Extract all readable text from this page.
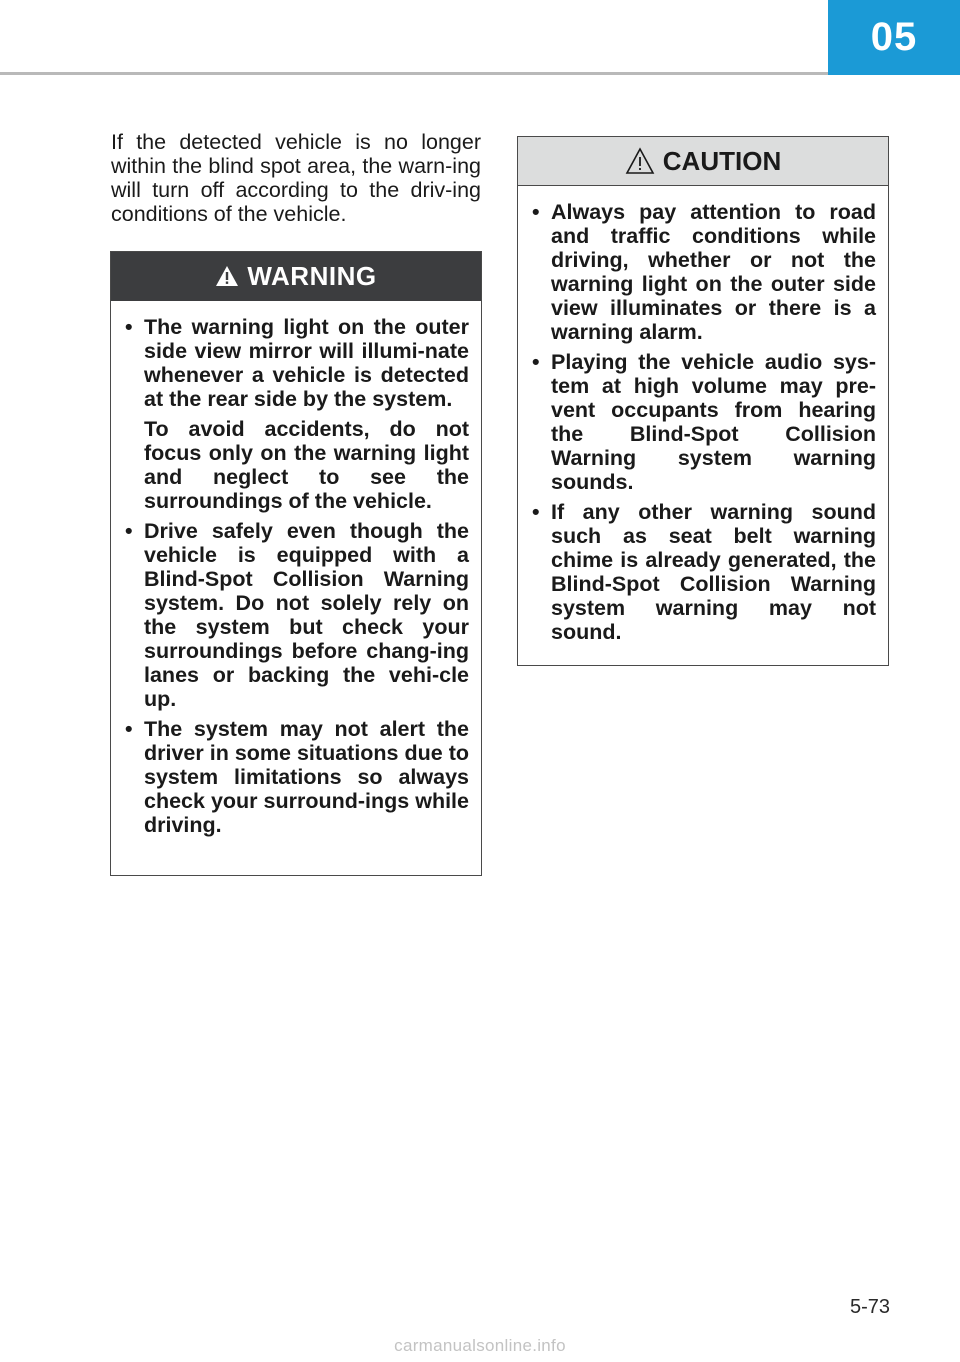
05

If the detected vehicle is no longer within the blind spot area, the warn-ing will turn off according to the driv-ing conditions of the vehicle.

WARNING
• The warning light on the outer side view mirror will illumi-nate whenever a vehicle is detected at the rear side by the system.

To avoid accidents, do not focus only on the warning light and neglect to see the surroundings of the vehicle.

• Drive safely even though the vehicle is equipped with a Blind-Spot Collision Warning system. Do not solely rely on the system but check your surroundings before chang-ing lanes or backing the vehi-cle up.

• The system may not alert the driver in some situations due to system limitations so always check your surround-ings while driving.

CAUTION
• Always pay attention to road and traffic conditions while driving, whether or not the warning light on the outer side view illuminates or there is a warning alarm.

• Playing the vehicle audio sys-tem at high volume may pre-vent occupants from hearing the Blind-Spot Collision Warning system warning sounds.

• If any other warning sound such as seat belt warning chime is already generated, the Blind-Spot Collision Warning system warning may not sound.

5-73
carmanualsonline.info
